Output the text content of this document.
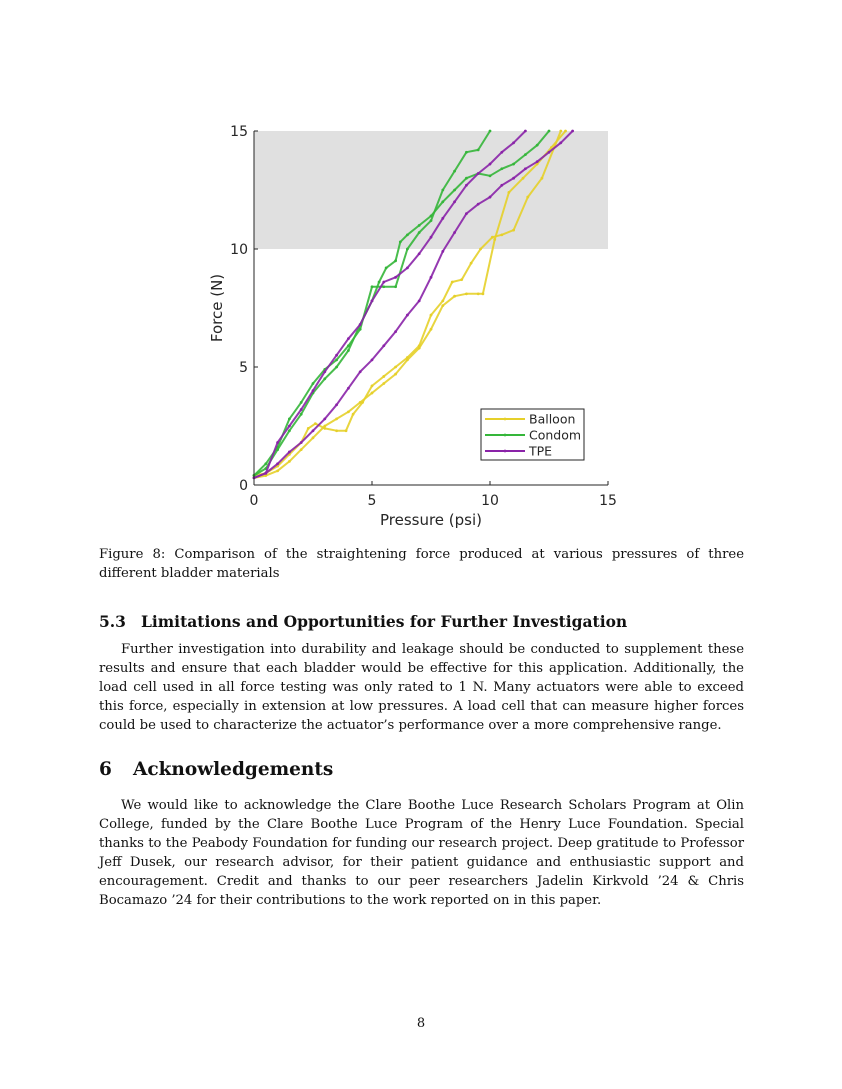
0	5	10	15
0
5
10
15
Pressure (psi)
Force (N)
Balloon
Condom
TPE
Figure 8: Comparison of the straightening force produced at various pressures of three different bladder materials
5.3 Limitations and Opportunities for Further Investigation

Further investigation into durability and leakage should be conducted to supplement these results and ensure that each bladder would be effective for this application. Additionally, the load cell used in all force testing was only rated to 1 N. Many actuators were able to exceed this force, especially in extension at low pressures. A load cell that can measure higher forces could be used to characterize the actuator’s performance over a more comprehensive range.

6 Acknowledgements

We would like to acknowledge the Clare Boothe Luce Research Scholars Program at Olin College, funded by the Clare Boothe Luce Program of the Henry Luce Foundation. Special thanks to the Peabody Foundation for funding our research project. Deep gratitude to Professor Jeff Dusek, our research advisor, for their patient guidance and enthusiastic support and encouragement. Credit and thanks to our peer researchers Jadelin Kirkvold ’24 & Chris Bocamazo ’24 for their contributions to the work reported on in this paper.

8
